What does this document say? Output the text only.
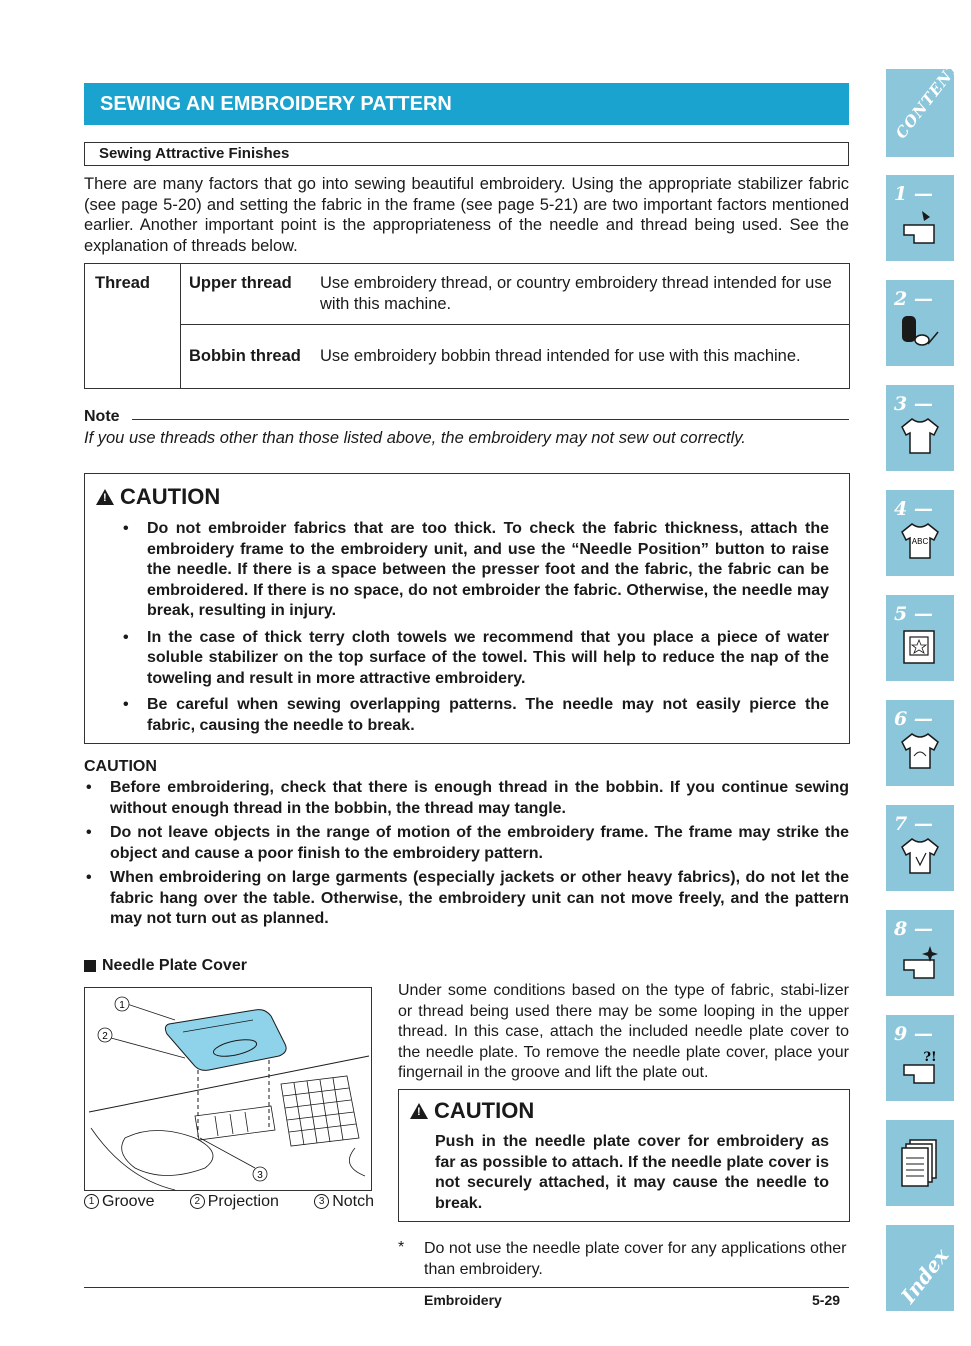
SEWING AN EMBROIDERY PATTERN
Sewing Attractive Finishes
There are many factors that go into sewing beautiful embroidery. Using the appropriate stabilizer fabric (see page 5-20) and setting the fabric in the frame (see page 5-21) are two important factors mentioned earlier. Another important point is the appropriateness of the needle and thread being used. See the explanation of threads below.
Thread	Upper thread	Use embroidery thread, or country embroidery thread intended for use with this machine.

Bobbin thread	Use embroidery bobbin thread intended for use with this machine.
Note
If you use threads other than those listed above, the embroidery may not sew out correctly.
!
CAUTION
• Do not embroider fabrics that are too thick. To check the fabric thickness, attach the embroidery frame to the embroidery unit, and use the “Needle Position” button to raise the needle. If there is a space between the presser foot and the fabric, the fabric can be embroidered. If there is no space, do not embroider the fabric. Otherwise, the needle may break, resulting in injury.
• In the case of thick terry cloth towels we recommend that you place a piece of water soluble stabilizer on the top surface of the towel. This will help to reduce the nap of the toweling and result in more attractive embroidery.
• Be careful when sewing overlapping patterns. The needle may not easily pierce the fabric, causing the needle to break.
CAUTION
• Before embroidering, check that there is enough thread in the bobbin. If you continue sewing without enough thread in the bobbin, the thread may tangle.
• Do not leave objects in the range of motion of the embroidery frame. The frame may strike the object and cause a poor finish to the embroidery pattern.
• When embroidering on large garments (especially jackets or other heavy fabrics), do not let the fabric hang over the table. Otherwise, the embroidery unit can not move freely, and the pattern may not turn out as planned.
Needle Plate Cover
1
2
3
1 Groove	2 Projection	3 Notch
Under some conditions based on the type of fabric, stabi-lizer or thread being used there may be some looping in the upper thread. In this case, attach the included needle plate cover to the needle plate. To remove the needle plate cover, place your fingernail in the groove and lift the plate out.
!
CAUTION
Push in the needle plate cover for embroidery as far as possible to attach. If the needle plate cover is not securely attached, it may cause the needle to break.
* Do not use the needle plate cover for any applications other than embroidery.
Embroidery	5-29
CONTENTS
1 —
2 —
3 —
4 —
ABC
5 —
6 —
7 —
8 —
9 —
?!
Index
